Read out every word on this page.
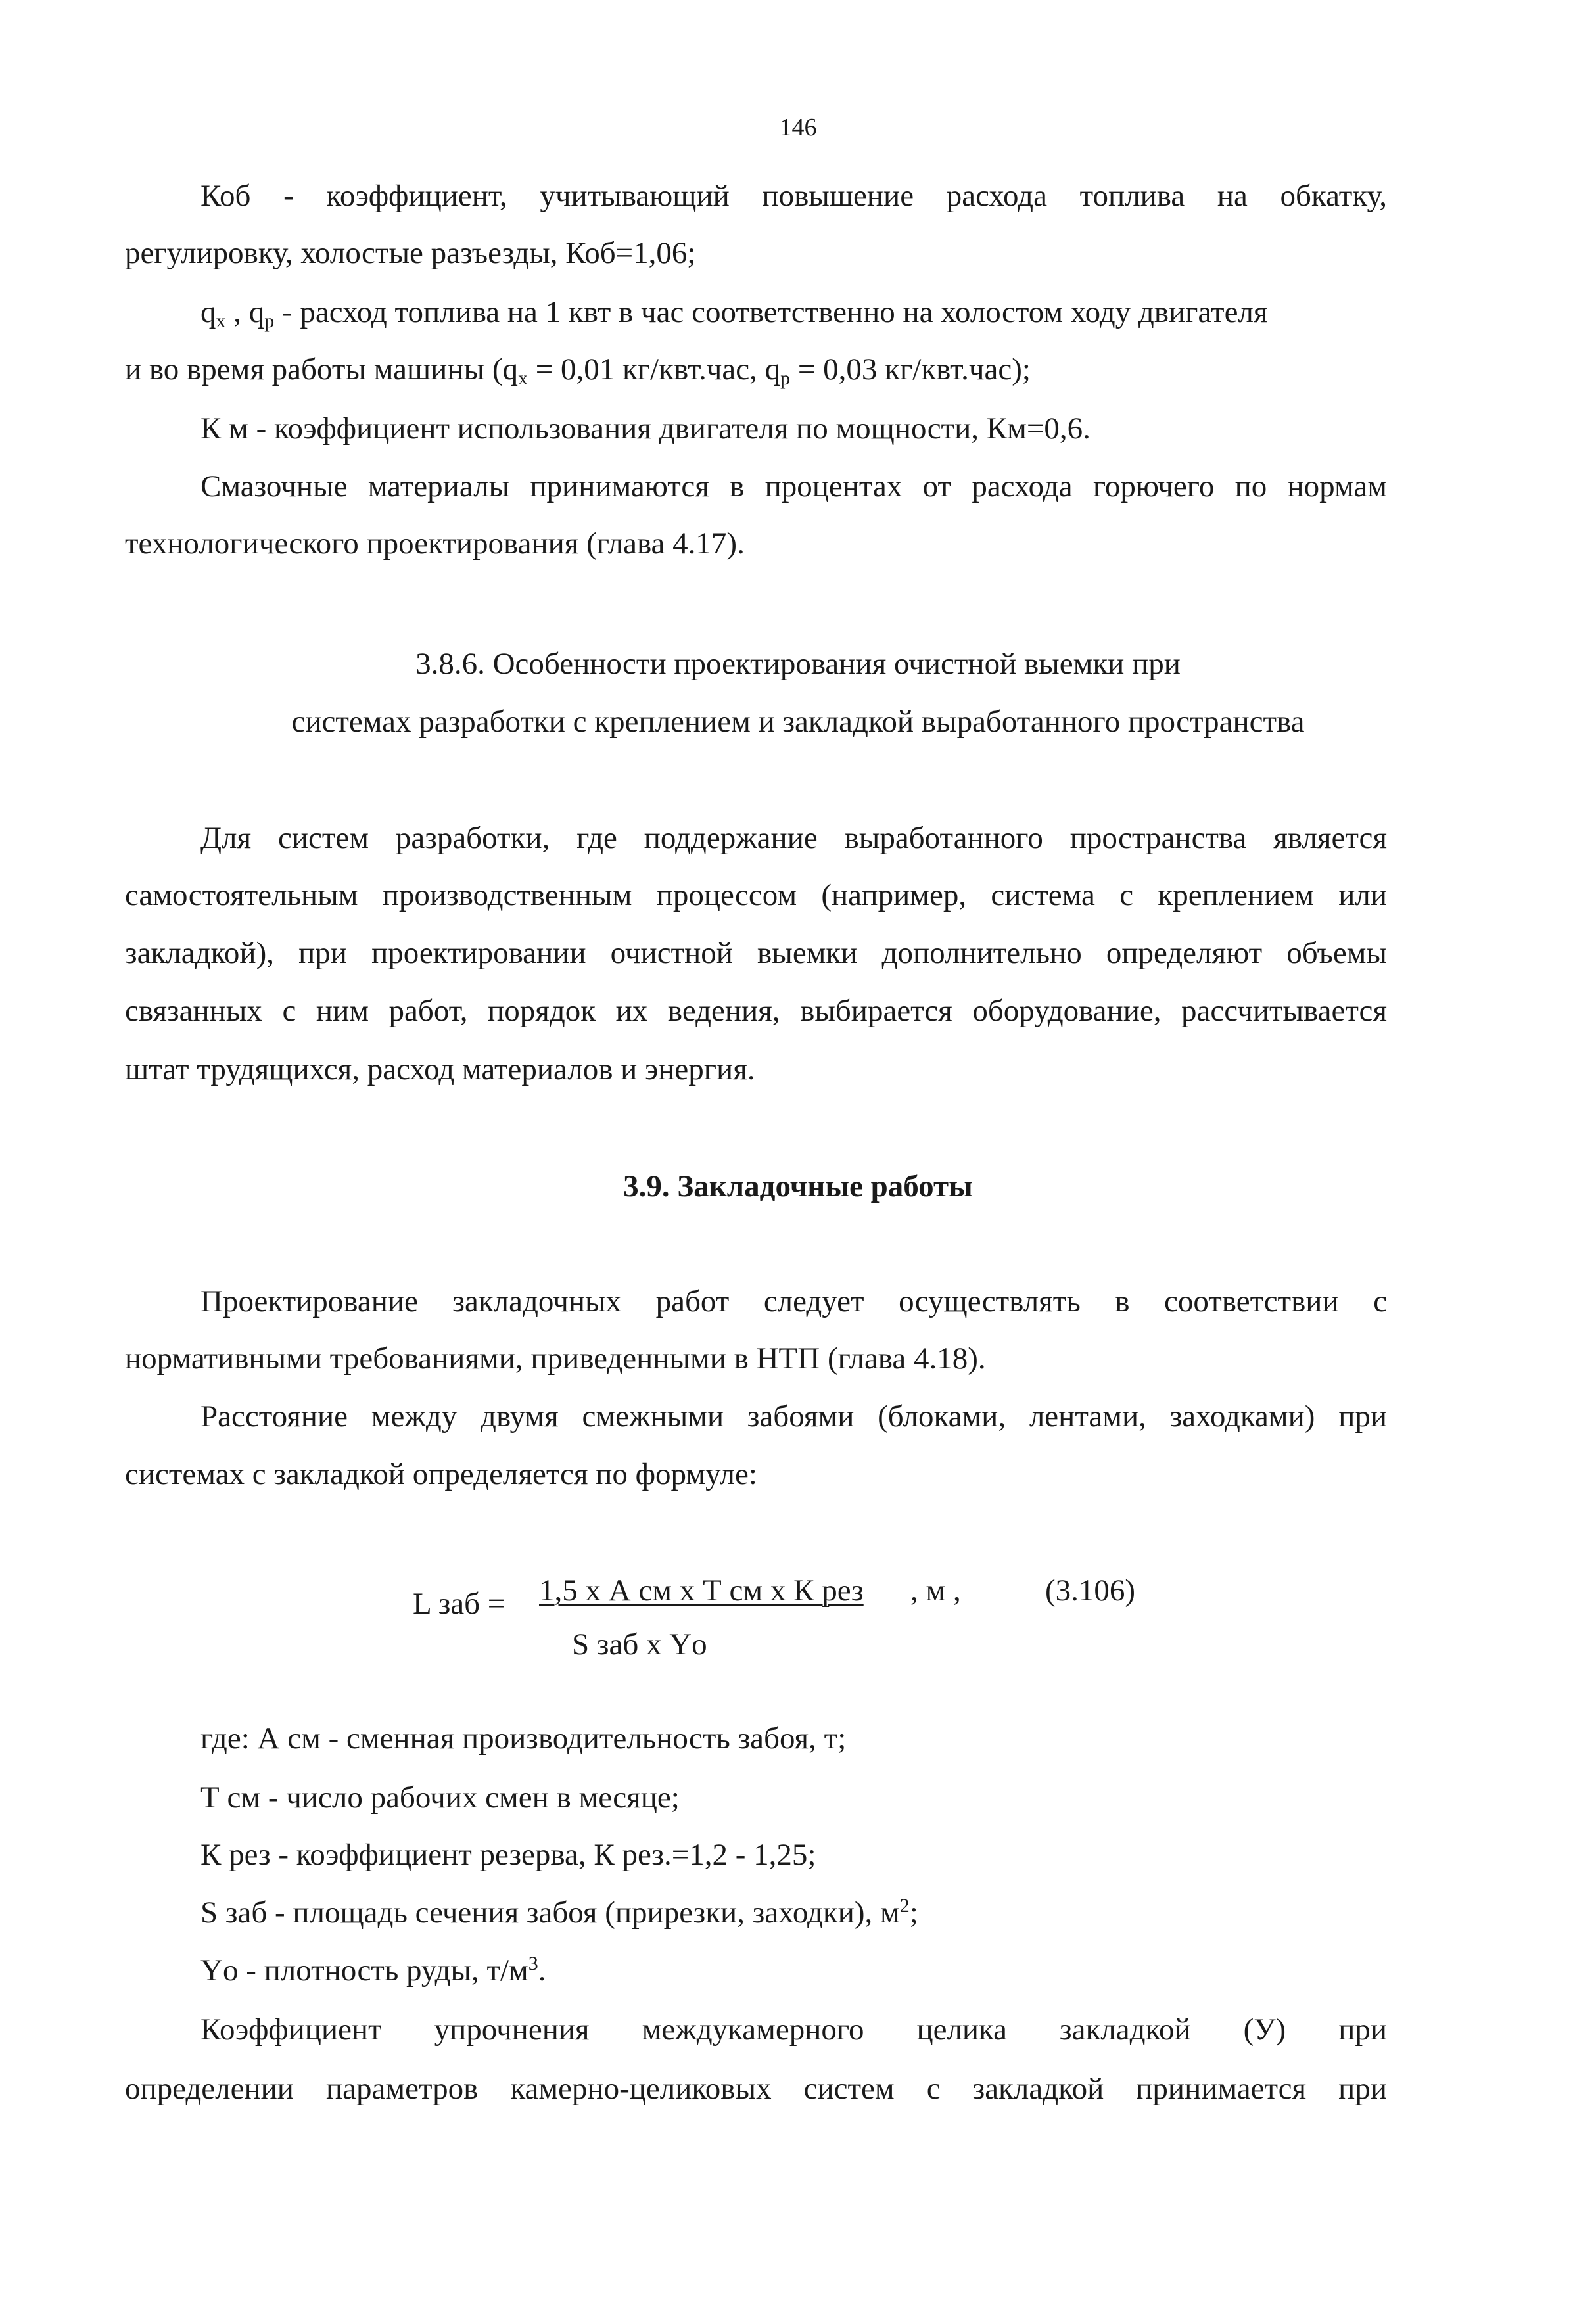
146
Коб - коэффициент, учитывающий повышение расхода топлива на обкатку,
регулировку, холостые разъезды, Коб=1,06;
$q_х$ , $q_р$ - расход топлива на 1 квт в час соответственно на холостом ходу двигателя
и во время работы машины ($q_х = 0,01$ кг/квт.час, $q_р = 0,03$ кг/квт.час);
К м - коэффициент использования двигателя по мощности, Км=0,6.
Смазочные материалы принимаются в процентах от расхода горючего по нормам
технологического проектирования (глава 4.17).
3.8.6. Особенности проектирования очистной выемки при
системах разработки с креплением и закладкой выработанного пространства
Для систем разработки, где поддержание выработанного пространства является
самостоятельным производственным процессом (например, система с креплением или
закладкой), при проектировании очистной выемки дополнительно определяют объемы
связанных с ним работ, порядок их ведения, выбирается оборудование, рассчитывается
штат трудящихся, расход материалов и энергия.
3.9. Закладочные работы
Проектирование закладочных работ следует осуществлять в соответствии с
нормативными требованиями, приведенными в НТП (глава 4.18).
Расстояние между двумя смежными забоями (блоками, лентами, заходками) при
системах с закладкой определяется по формуле:
L заб = 1,5 х А см х Т см х К рез , м ,	(3.106)
S заб х Υо
где: А см - сменная производительность забоя, т;
Т см - число рабочих смен в месяце;
К рез - коэффициент резерва, К рез.=1,2 - 1,25;
S заб - площадь сечения забоя (прирезки, заходки), $м^2$;
Υо - плотность руды, $т/м^3$.
Коэффициент упрочнения междукамерного целика закладкой (У) при
определении параметров камерно-целиковых систем с закладкой принимается при
